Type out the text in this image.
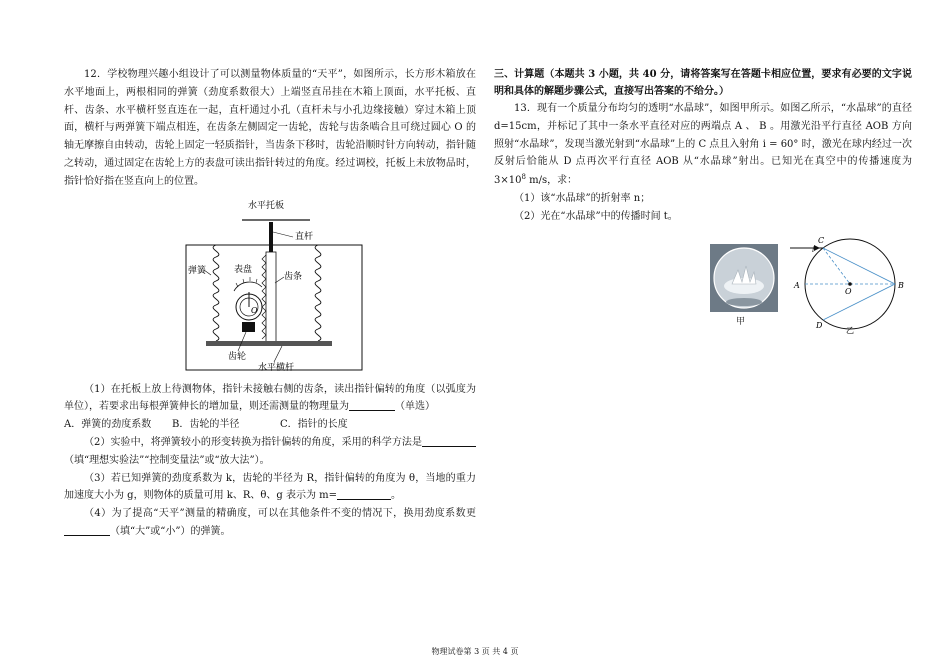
12．学校物理兴趣小组设计了可以测量物体质量的“天平”，如图所示，长方形木箱放在水平地面上，两根相同的弹簧（劲度系数很大）上端竖直吊挂在木箱上顶面，水平托板、直杆、齿条、水平横杆竖直连在一起，直杆通过小孔（直杆未与小孔边缘接触）穿过木箱上顶面，横杆与两弹簧下端点相连，在齿条左侧固定一齿轮，齿轮与齿条啮合且可绕过圆心 O 的轴无摩擦自由转动，齿轮上固定一轻质指针，当齿条下移时，齿轮沿顺时针方向转动，指针随之转动，通过固定在齿轮上方的表盘可读出指针转过的角度。经过调校，托板上未放物品时，指针恰好指在竖直向上的位置。

水平托板
直杆
弹簧
齿条
表盘
O
齿轮
水平横杆

（1）在托板上放上待测物体，指针未接触右侧的齿条，读出指针偏转的角度（以弧度为单位），若要求出每根弹簧伸长的增加量，则还需测量的物理量为	（单选）

A．弹簧的劲度系数	B．齿轮的半径	C．指针的长度

（2）实验中，将弹簧较小的形变转换为指针偏转的角度，采用的科学方法是（填“理想实验法”“控制变量法”或“放大法”）。

（3）若已知弹簧的劲度系数为 k，齿轮的半径为 R，指针偏转的角度为 θ，当地的重力加速度大小为 g，则物体的质量可用 k、R、θ、g 表示为 m=	。

（4）为了提高“天平”测量的精确度，可以在其他条件不变的情况下，换用劲度系数更（填“大”或“小”）的弹簧。

三、计算题（本题共 3 小题，共 40 分，请将答案写在答题卡相应位置，要求有必要的文字说明和具体的解题步骤公式，直接写出答案的不给分。）

13．现有一个质量分布均匀的透明“水晶球”，如图甲所示。如图乙所示，“水晶球”的直径 d=15cm，并标记了其中一条水平直径对应的两端点 A 、 B 。用激光沿平行直径 AOB 方向照射“水晶球”，发现当激光射到“水晶球”上的 C 点且入射角 i = 60° 时，激光在球内经过一次反射后恰能从 D 点再次平行直径 AOB 从“水晶球”射出。已知光在真空中的传播速度为 $3\times 10^8$ m/s，求：

（1）该“水晶球”的折射率 n；

（2）光在“水晶球”中的传播时间 t。

甲
C
i
A	B
O
D
乙
物理试卷第 3 页 共 4 页
